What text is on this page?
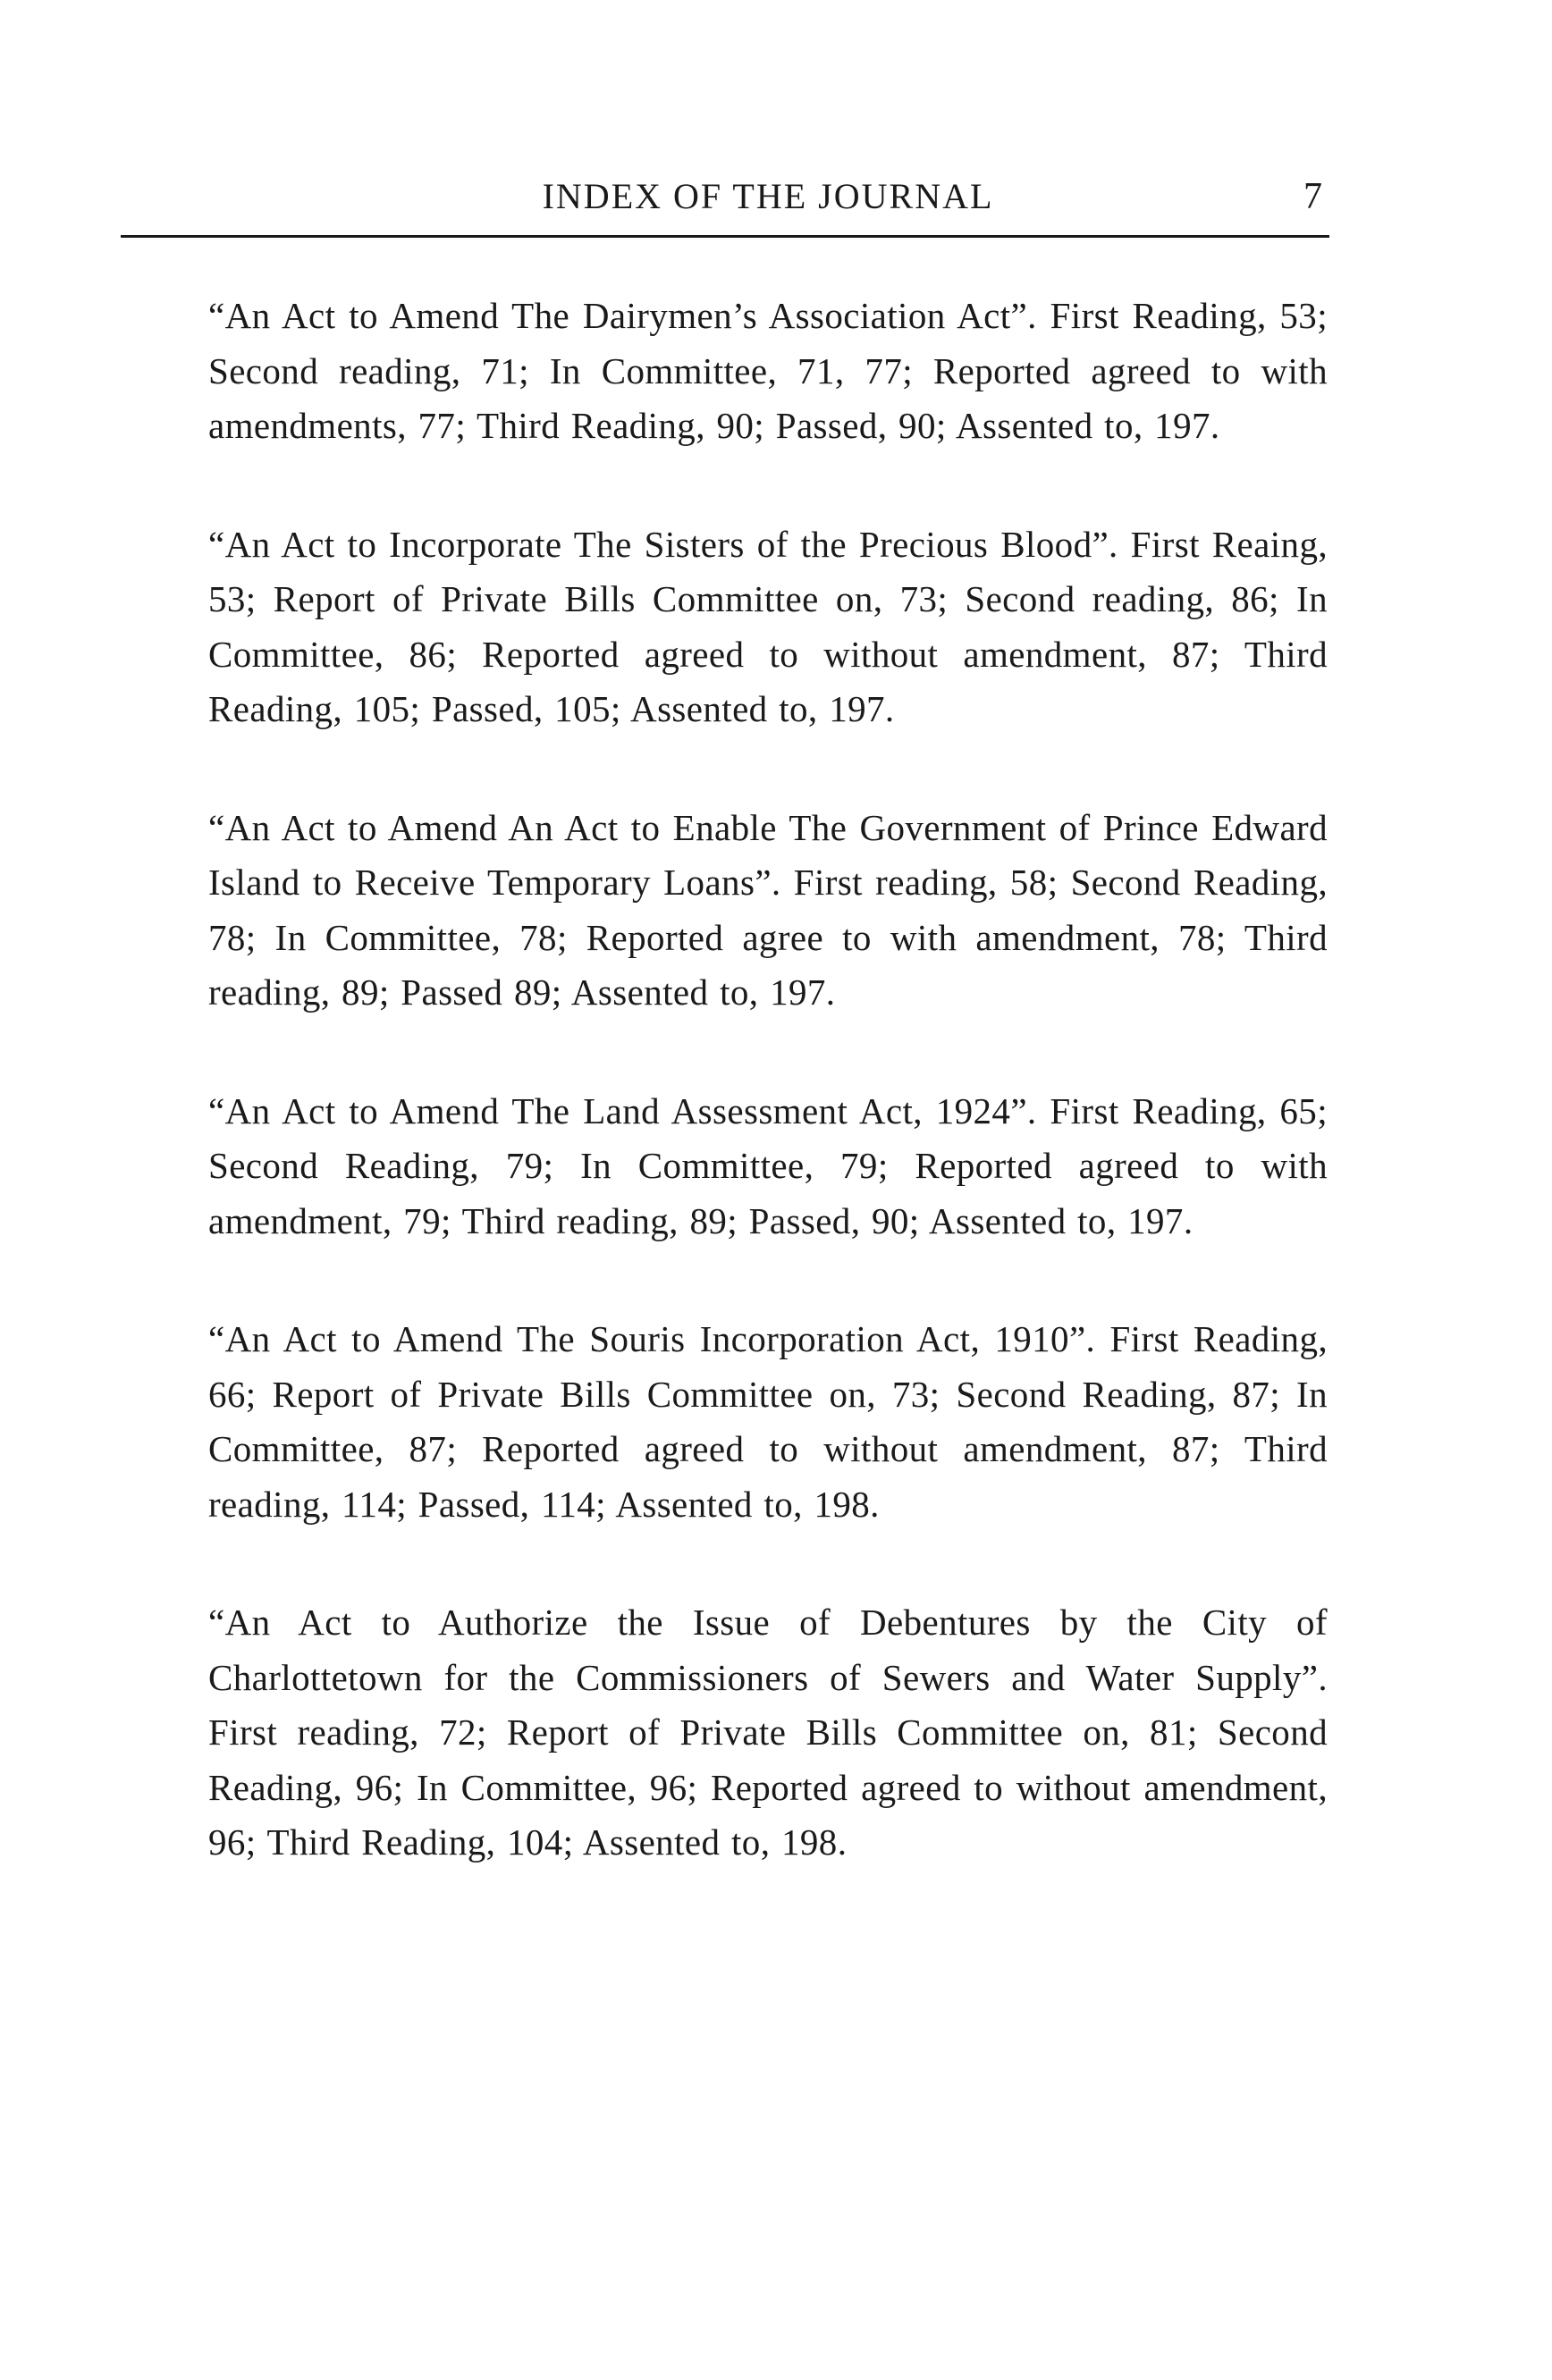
INDEX OF THE JOURNAL	7

“An Act to Amend The Dairymen’s Association Act”. First Reading, 53; Second reading, 71; In Committee, 71, 77; Reported agreed to with amendments, 77; Third Reading, 90; Passed, 90; Assented to, 197.

“An Act to Incorporate The Sisters of the Precious Blood”. First Reaing, 53; Report of Private Bills Committee on, 73; Second reading, 86; In Committee, 86; Reported agreed to without amendment, 87; Third Reading, 105; Passed, 105; Assented to, 197.

“An Act to Amend An Act to Enable The Government of Prince Edward Island to Receive Temporary Loans”. First reading, 58; Second Reading, 78; In Committee, 78; Reported agree to with amendment, 78; Third reading, 89; Passed 89; Assented to, 197.

“An Act to Amend The Land Assessment Act, 1924”. First Reading, 65; Second Reading, 79; In Committee, 79; Reported agreed to with amendment, 79; Third reading, 89; Passed, 90; Assented to, 197.

“An Act to Amend The Souris Incorporation Act, 1910”. First Reading, 66; Report of Private Bills Committee on, 73; Second Reading, 87; In Committee, 87; Reported agreed to without amendment, 87; Third reading, 114; Passed, 114; Assented to, 198.

“An Act to Authorize the Issue of Debentures by the City of Charlottetown for the Commissioners of Sewers and Water Supply”. First reading, 72; Report of Private Bills Committee on, 81; Second Reading, 96; In Committee, 96; Reported agreed to without amendment, 96; Third Reading, 104; Assented to, 198.
